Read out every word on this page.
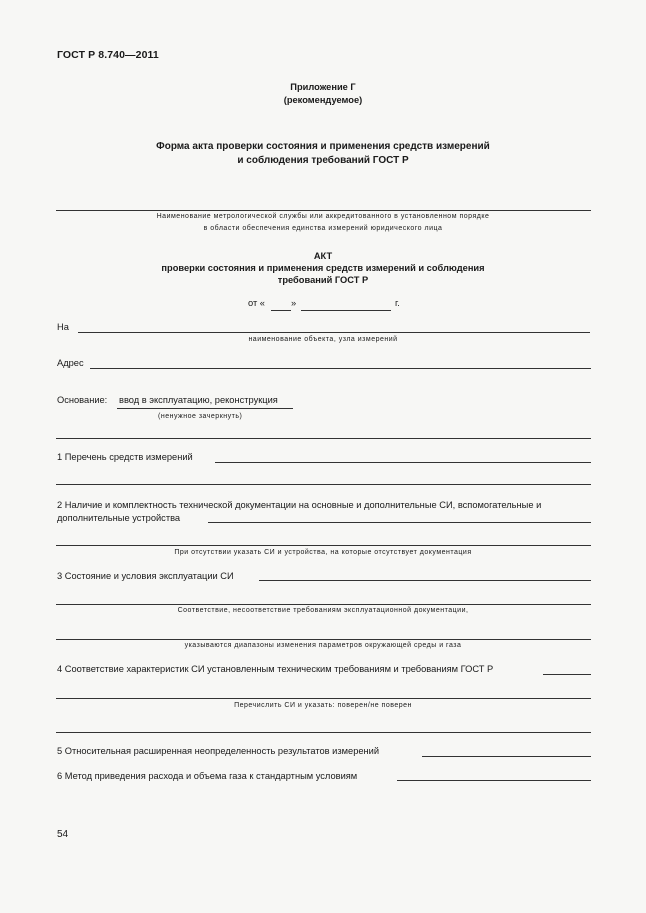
ГОСТ Р 8.740—2011
Приложение Г
(рекомендуемое)
Форма акта проверки состояния и применения средств измерений
и соблюдения требований ГОСТ Р
Наименование метрологической службы или аккредитованного в установленном порядке
в области обеспечения единства измерений юридического лица
АКТ
проверки состояния и применения средств измерений и соблюдения
требований ГОСТ Р
от «	»	г.
На
наименование объекта, узла измерений
Адрес
Основание: ввод в эксплуатацию, реконструкция
(ненужное зачеркнуть)
1 Перечень средств измерений
2 Наличие и комплектность технической документации на основные и дополнительные СИ, вспомогательные и
дополнительные устройства
При отсутствии указать СИ и устройства, на которые отсутствует документация
3 Состояние и условия эксплуатации СИ
Соответствие, несоответствие требованиям эксплуатационной документации,
указываются диапазоны изменения параметров окружающей среды и газа
4 Соответствие характеристик СИ установленным техническим требованиям и требованиям ГОСТ Р
Перечислить СИ и указать: поверен/не поверен
5 Относительная расширенная неопределенность результатов измерений
6 Метод приведения расхода и объема газа к стандартным условиям
54
